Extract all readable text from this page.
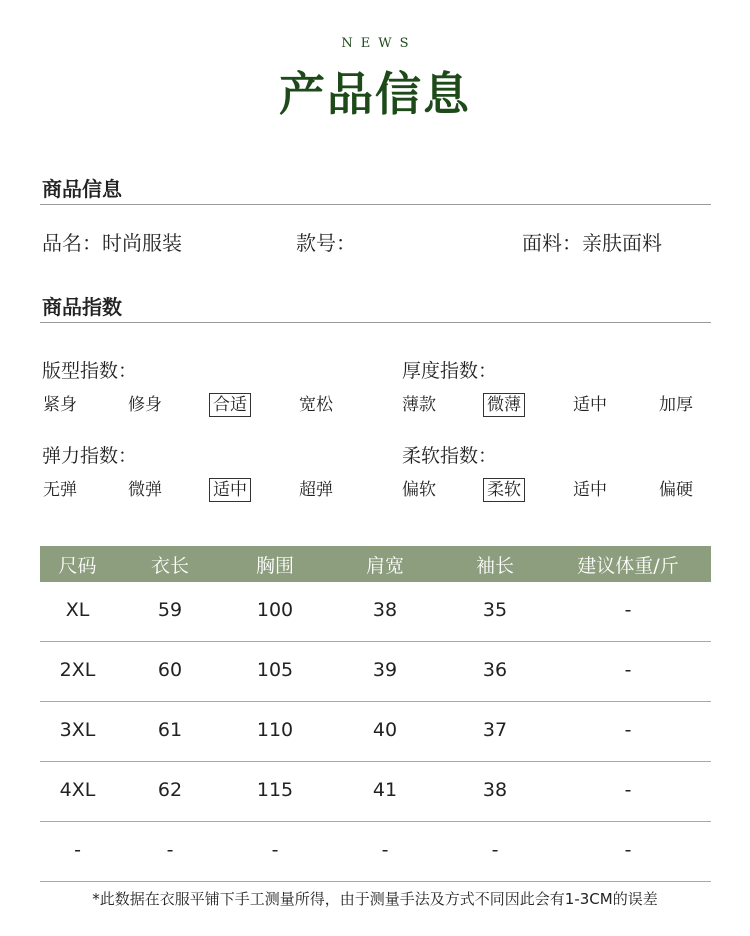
NEWS
产品信息
商品信息
品名：时尚服装	款号：	面料：亲肤面料
商品指数
版型指数：
紧身	修身	合适	宽松
厚度指数：
薄款	微薄	适中	加厚
弹力指数：
无弹	微弹	适中	超弹
柔软指数：
偏软	柔软	适中	偏硬
尺码	衣长	胸围	肩宽	袖长	建议体重/斤
XL	59	100	38	35	-
2XL	60	105	39	36	-
3XL	61	110	40	37	-
4XL	62	115	41	38	-
-	-	-	-	-	-
*此数据在衣服平铺下手工测量所得，由于测量手法及方式不同因此会有1-3CM的误差
